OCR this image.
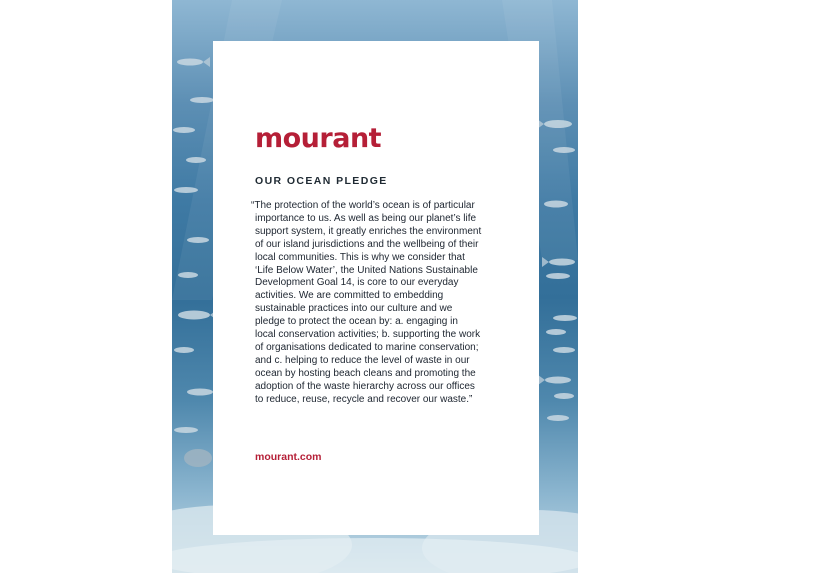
mourant
OUR OCEAN PLEDGE

“The protection of the world’s ocean is of particular
importance to us. As well as being our planet’s life
support system, it greatly enriches the environment
of our island jurisdictions and the wellbeing of their
local communities. This is why we consider that
‘Life Below Water’, the United Nations Sustainable
Development Goal 14, is core to our everyday
activities. We are committed to embedding
sustainable practices into our culture and we
pledge to protect the ocean by: a. engaging in
local conservation activities; b. supporting the work
of organisations dedicated to marine conservation;
and c. helping to reduce the level of waste in our
ocean by hosting beach cleans and promoting the
adoption of the waste hierarchy across our offices
to reduce, reuse, recycle and recover our waste.”

mourant.com
